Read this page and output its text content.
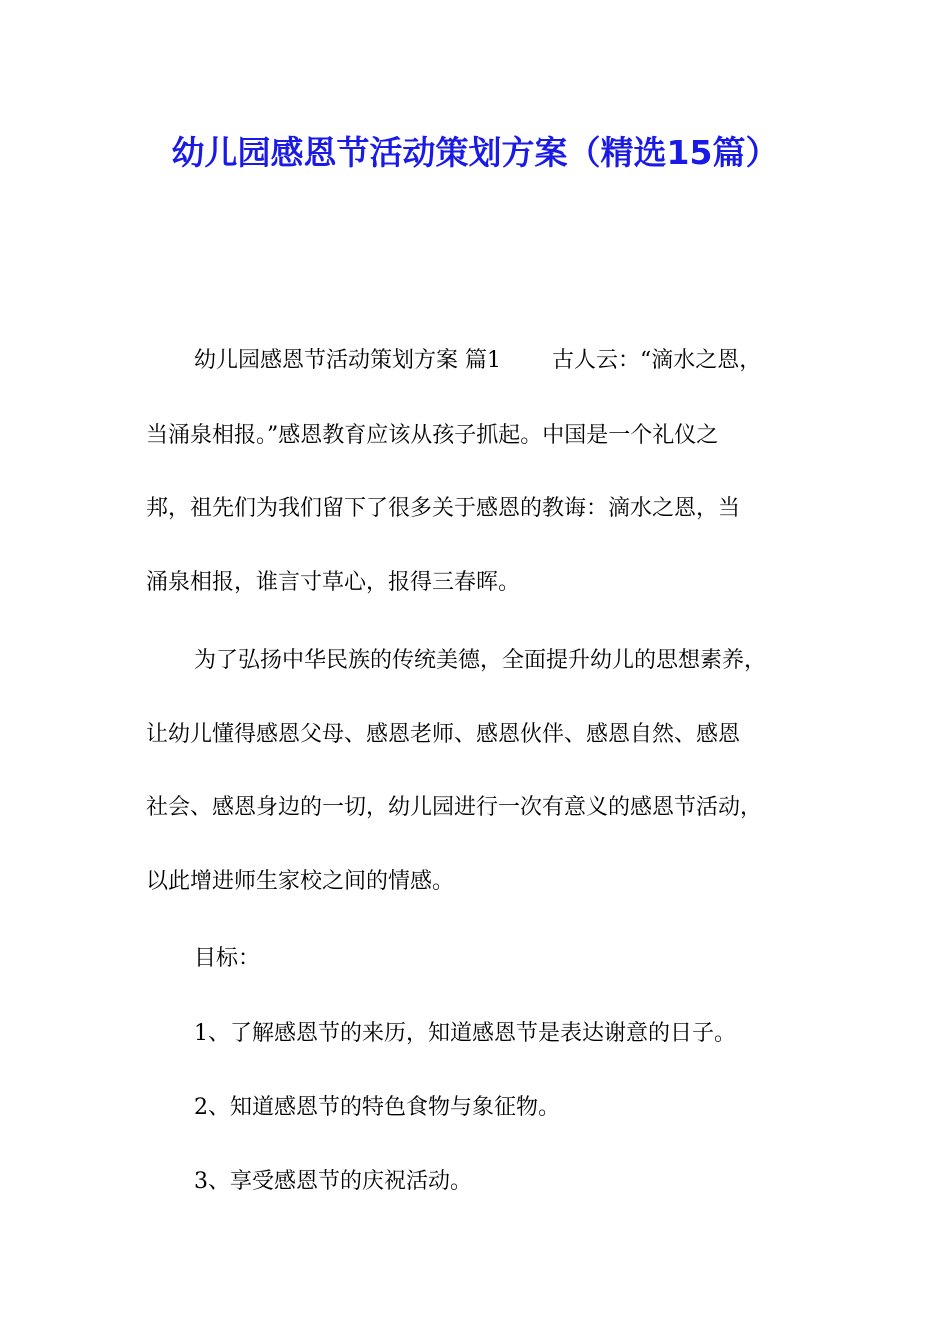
幼儿园感恩节活动策划方案（精选15篇）
幼儿园感恩节活动策划方案 篇1　　 古人云：“滴水之恩，
当涌泉相报。”感恩教育应该从孩子抓起。中国是一个礼仪之
邦，祖先们为我们留下了很多关于感恩的教诲：滴水之恩，当
涌泉相报，谁言寸草心，报得三春晖。
为了弘扬中华民族的传统美德，全面提升幼儿的思想素养，
让幼儿懂得感恩父母、感恩老师、感恩伙伴、感恩自然、感恩
社会、感恩身边的一切，幼儿园进行一次有意义的感恩节活动，
以此增进师生家校之间的情感。
目标：
1、了解感恩节的来历，知道感恩节是表达谢意的日子。
2、知道感恩节的特色食物与象征物。
3、享受感恩节的庆祝活动。
